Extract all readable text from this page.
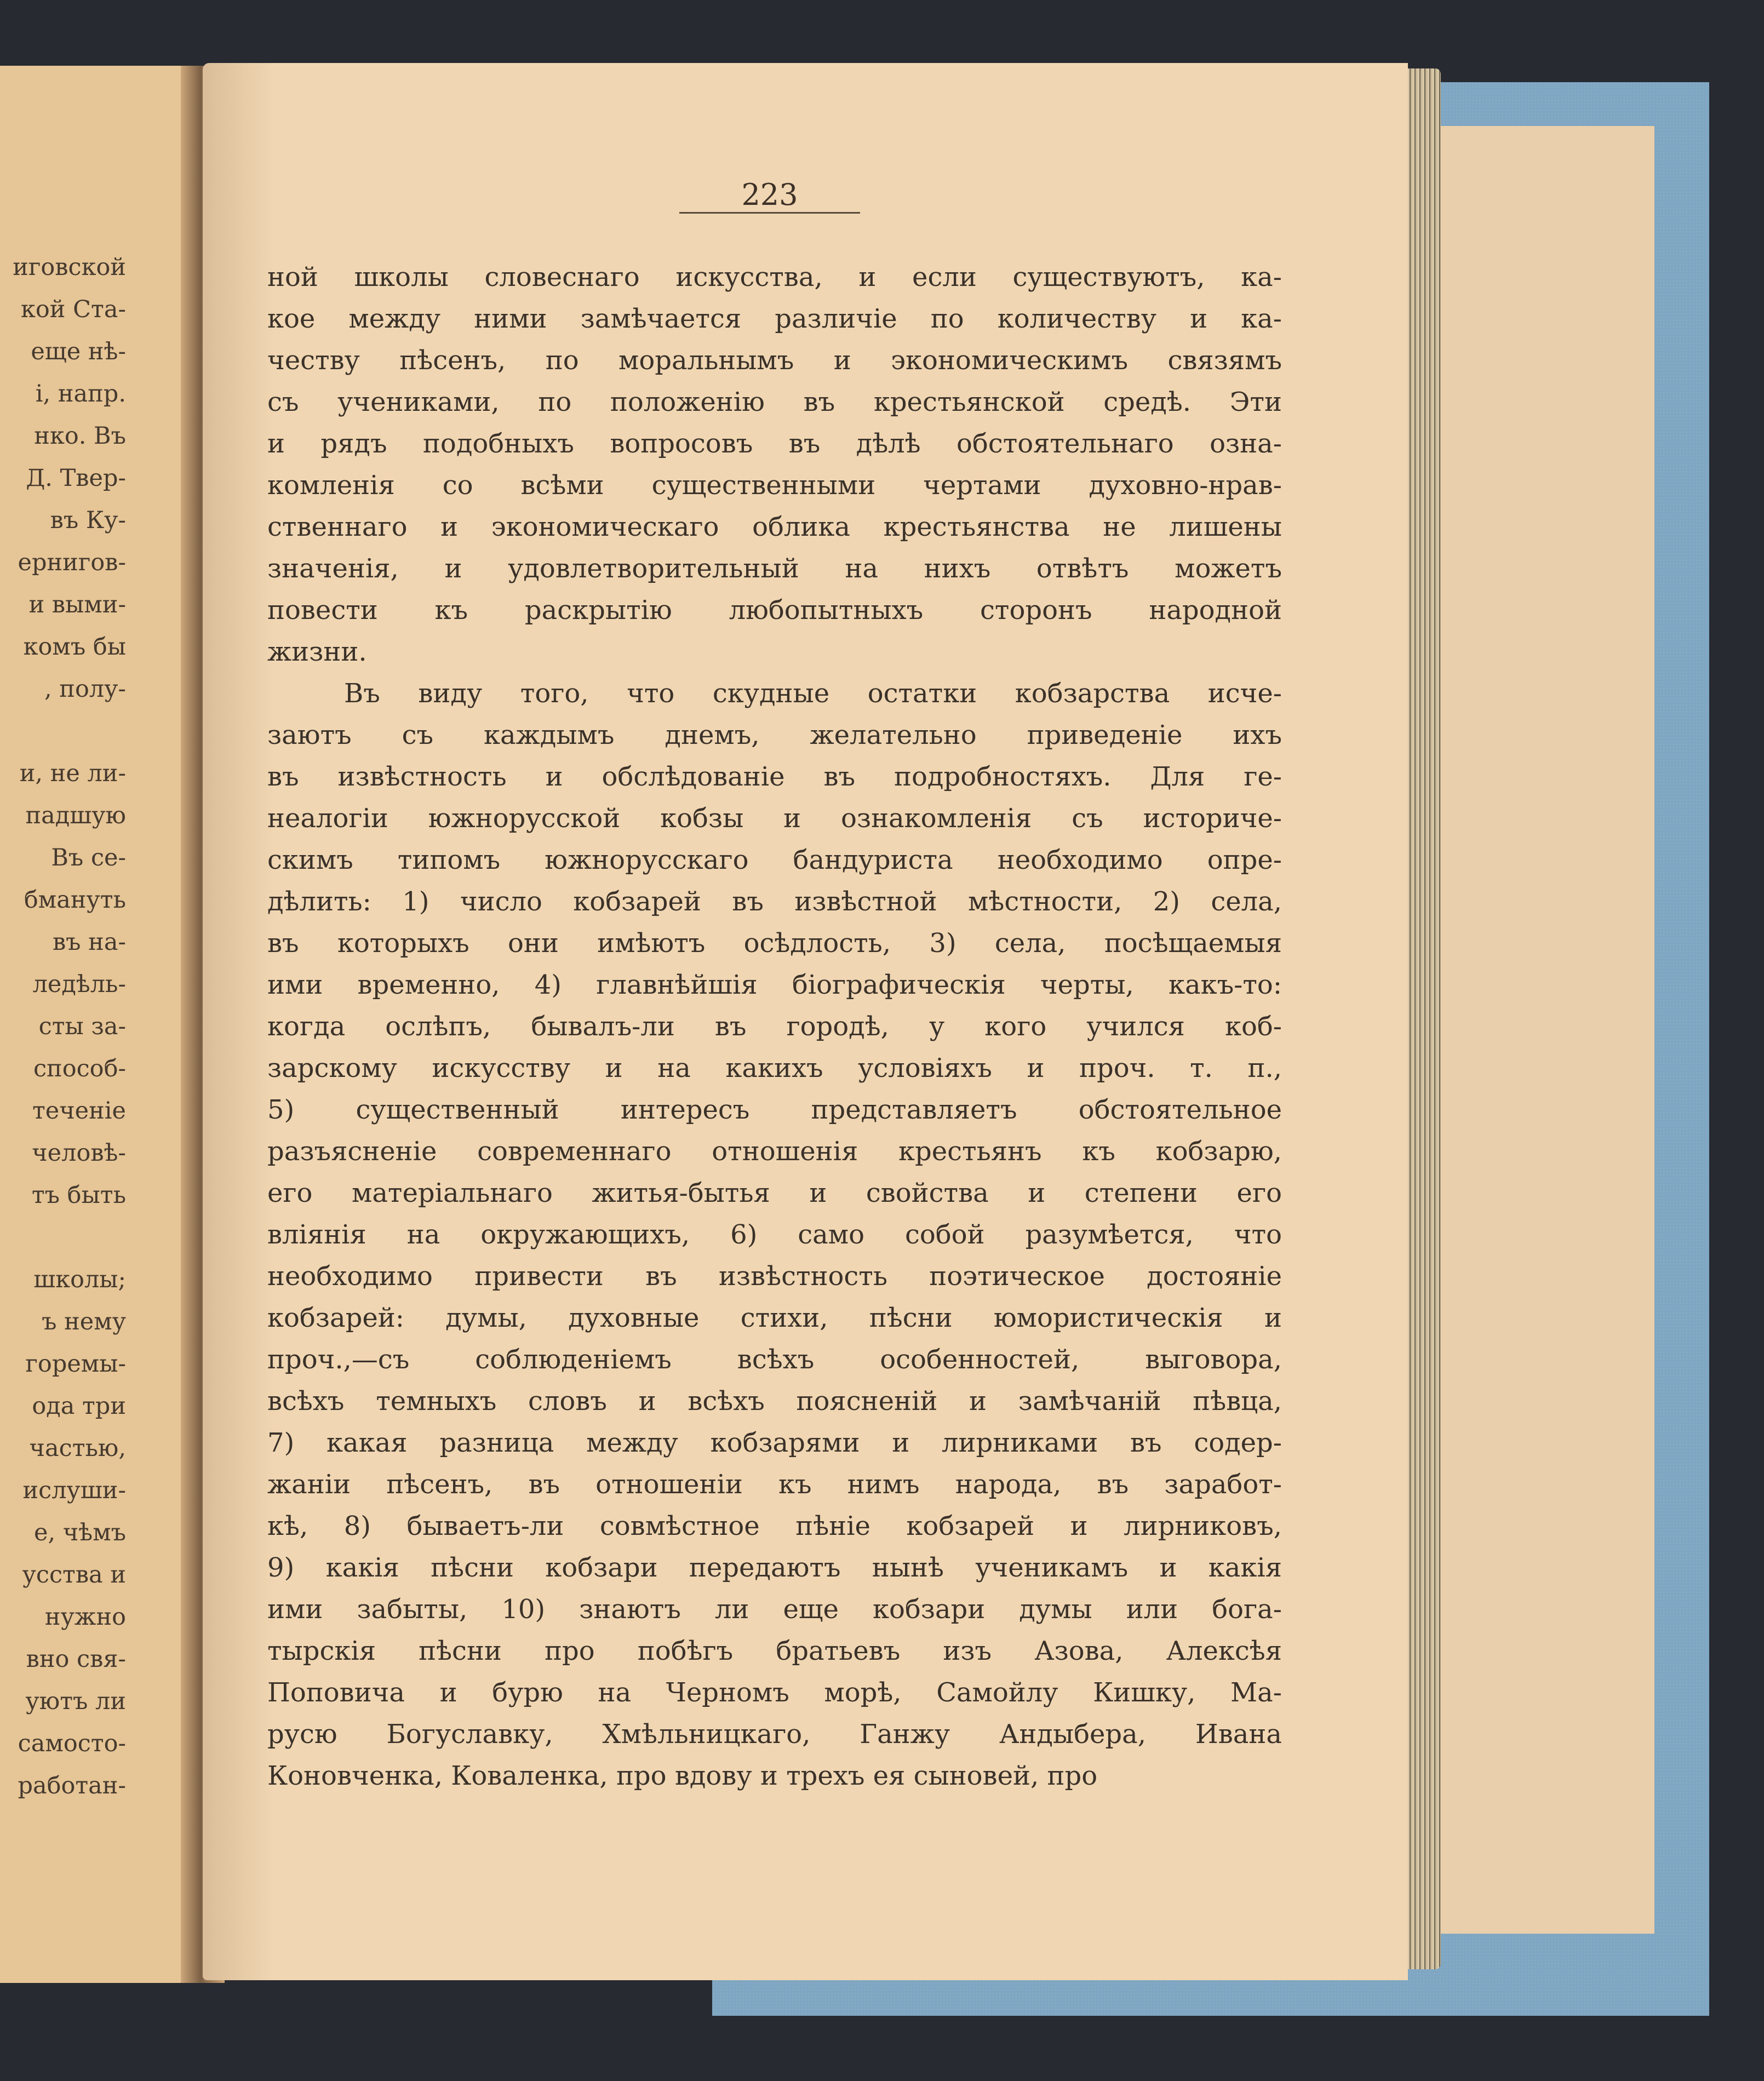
иговской
кой Ста-
еще нѣ-
і, напр.
нко. Въ
Д. Твер-
въ Ку-
ернигов-
и выми-
комъ бы
, полу-

и, не ли-
падшую
Въ се-
бмануть
въ на-
ледѣль-
сты за-
способ-
теченіе
человѣ-
тъ быть

школы;
ъ нему
горемы-
ода три
частью,
ислуши-
е, чѣмъ
усства и
нужно
вно свя-
уютъ ли
самосто-
работан-
223
ной школы словеснаго искусства, и если существуютъ, ка-
кое между ними замѣчается различіе по количеству и ка-
честву пѣсенъ, по моральнымъ и экономическимъ связямъ
съ учениками, по положенію въ крестьянской средѣ. Эти
и рядъ подобныхъ вопросовъ въ дѣлѣ обстоятельнаго озна-
комленія со всѣми существенными чертами духовно-нрав-
ственнаго и экономическаго облика крестьянства не лишены
значенія, и удовлетворительный на нихъ отвѣтъ можетъ
повести къ раскрытію любопытныхъ сторонъ народной
жизни.
Въ виду того, что скудные остатки кобзарства исче-
заютъ съ каждымъ днемъ, желательно приведеніе ихъ
въ извѣстность и обслѣдованіе въ подробностяхъ. Для ге-
неалогіи южнорусской кобзы и ознакомленія съ историче-
скимъ типомъ южнорусскаго бандуриста необходимо опре-
дѣлить: 1) число кобзарей въ извѣстной мѣстности, 2) села,
въ которыхъ они имѣютъ осѣдлость, 3) села, посѣщаемыя
ими временно, 4) главнѣйшія біографическія черты, какъ-то:
когда ослѣпъ, бывалъ-ли въ городѣ, у кого учился коб-
зарскому искусству и на какихъ условіяхъ и проч. т. п.,
5) существенный интересъ представляетъ обстоятельное
разъясненіе современнаго отношенія крестьянъ къ кобзарю,
его матеріальнаго житья-бытья и свойства и степени его
вліянія на окружающихъ, 6) само собой разумѣется, что
необходимо привести въ извѣстность поэтическое достояніе
кобзарей: думы, духовные стихи, пѣсни юмористическія и
проч.,—съ соблюденіемъ всѣхъ особенностей, выговора,
всѣхъ темныхъ словъ и всѣхъ поясненій и замѣчаній пѣвца,
7) какая разница между кобзарями и лирниками въ содер-
жаніи пѣсенъ, въ отношеніи къ нимъ народа, въ заработ-
кѣ, 8) бываетъ-ли совмѣстное пѣніе кобзарей и лирниковъ,
9) какія пѣсни кобзари передаютъ нынѣ ученикамъ и какія
ими забыты, 10) знаютъ ли еще кобзари думы или бога-
тырскія пѣсни про побѣгъ братьевъ изъ Азова, Алексѣя
Поповича и бурю на Черномъ морѣ, Самойлу Кишку, Ма-
русю Богуславку, Хмѣльницкаго, Ганжу Андыбера, Ивана
Коновченка, Коваленка, про вдову и трехъ ея сыновей, про
